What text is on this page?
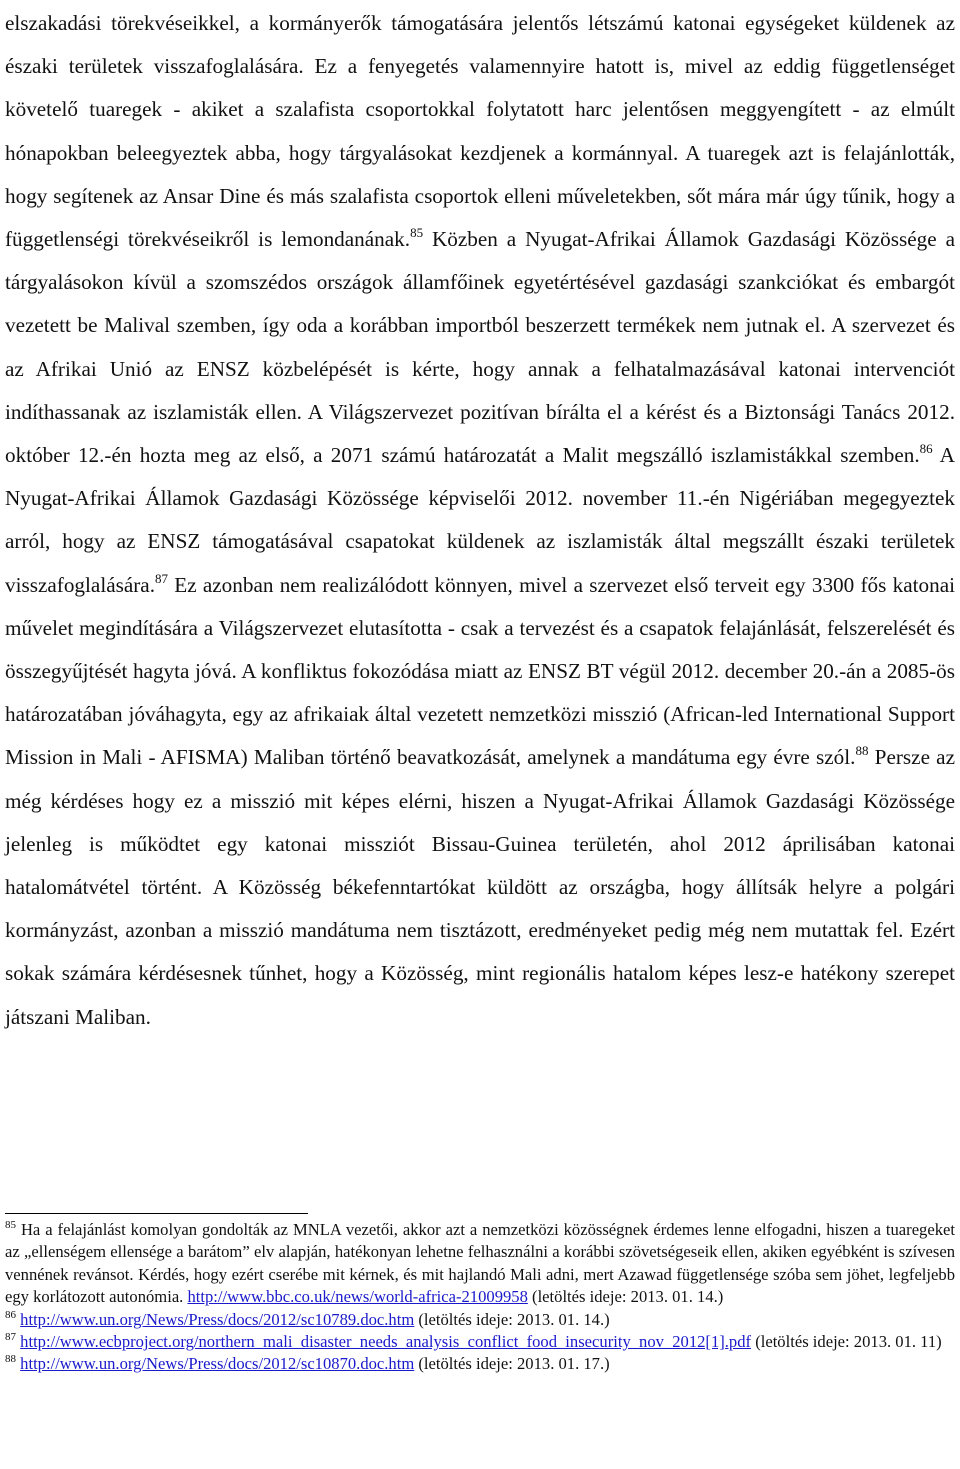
elszakadási törekvéseikkel, a kormányerők támogatására jelentős létszámú katonai egységeket küldenek az északi területek visszafoglalására. Ez a fenyegetés valamennyire hatott is, mivel az eddig függetlenséget követelő tuaregek - akiket a szalafista csoportokkal folytatott harc jelentősen meggyengített - az elmúlt hónapokban beleegyeztek abba, hogy tárgyalásokat kezdjenek a kormánnyal. A tuaregek azt is felajánlották, hogy segítenek az Ansar Dine és más szalafista csoportok elleni műveletekben, sőt mára már úgy tűnik, hogy a függetlenségi törekvéseikről is lemondanának.$^{85}$ Közben a Nyugat-Afrikai Államok Gazdasági Közössége a tárgyalásokon kívül a szomszédos országok államfőinek egyetértésével gazdasági szankciókat és embargót vezetett be Malival szemben, így oda a korábban importból beszerzett termékek nem jutnak el. A szervezet és az Afrikai Unió az ENSZ közbelépését is kérte, hogy annak a felhatalmazásával katonai intervenciót indíthassanak az iszlamisták ellen. A Világszervezet pozitívan bírálta el a kérést és a Biztonsági Tanács 2012. október 12.-én hozta meg az első, a 2071 számú határozatát a Malit megszálló iszlamistákkal szemben.$^{86}$ A Nyugat-Afrikai Államok Gazdasági Közössége képviselői 2012. november 11.-én Nigériában megegyeztek arról, hogy az ENSZ támogatásával csapatokat küldenek az iszlamisták által megszállt északi területek visszafoglalására.$^{87}$ Ez azonban nem realizálódott könnyen, mivel a szervezet első terveit egy 3300 fős katonai művelet megindítására a Világszervezet elutasította - csak a tervezést és a csapatok felajánlását, felszerelését és összegyűjtését hagyta jóvá. A konfliktus fokozódása miatt az ENSZ BT végül 2012. december 20.-án a 2085-ös határozatában jóváhagyta, egy az afrikaiak által vezetett nemzetközi misszió (African-led International Support Mission in Mali - AFISMA) Maliban történő beavatkozását, amelynek a mandátuma egy évre szól.$^{88}$ Persze az még kérdéses hogy ez a misszió mit képes elérni, hiszen a Nyugat-Afrikai Államok Gazdasági Közössége jelenleg is működtet egy katonai missziót Bissau-Guinea területén, ahol 2012 áprilisában katonai hatalomátvétel történt. A Közösség békefenntartókat küldött az országba, hogy állítsák helyre a polgári kormányzást, azonban a misszió mandátuma nem tisztázott, eredményeket pedig még nem mutattak fel. Ezért sokak számára kérdésesnek tűnhet, hogy a Közösség, mint regionális hatalom képes lesz-e hatékony szerepet játszani Maliban.

$^{85}$ Ha a felajánlást komolyan gondolták az MNLA vezetői, akkor azt a nemzetközi közösségnek érdemes lenne elfogadni, hiszen a tuaregeket az „ellenségem ellensége a barátom” elv alapján, hatékonyan lehetne felhasználni a korábbi szövetségeseik ellen, akiken egyébként is szívesen vennének revánsot. Kérdés, hogy ezért cserébe mit kérnek, és mit hajlandó Mali adni, mert Azawad függetlensége szóba sem jöhet, legfeljebb egy korlátozott autonómia. http://www.bbc.co.uk/news/world-africa-21009958 (letöltés ideje: 2013. 01. 14.)

$^{86}$ http://www.un.org/News/Press/docs/2012/sc10789.doc.htm (letöltés ideje: 2013. 01. 14.)

$^{87}$ http://www.ecbproject.org/northern_mali_disaster_needs_analysis_conflict_food_insecurity_nov_2012[1].pdf (letöltés ideje: 2013. 01. 11)

$^{88}$ http://www.un.org/News/Press/docs/2012/sc10870.doc.htm (letöltés ideje: 2013. 01. 17.)
